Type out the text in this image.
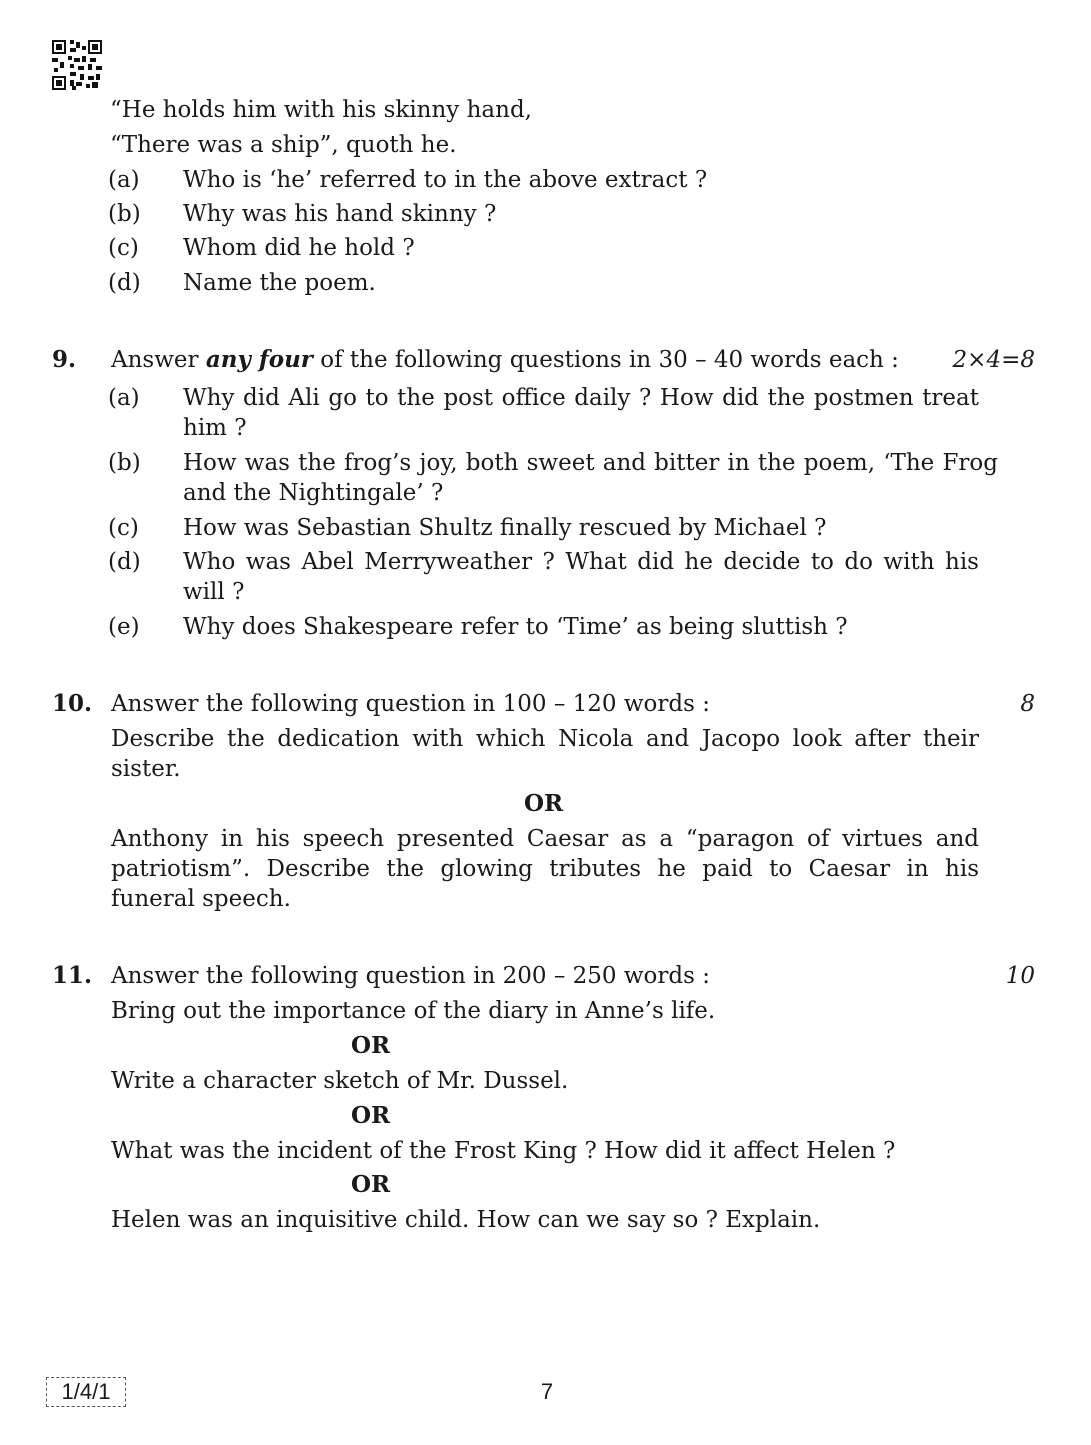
“He holds him with his skinny hand,
“There was a ship”, quoth he.
(a) Who is ‘he’ referred to in the above extract ?
(b) Why was his hand skinny ?
(c) Whom did he hold ?
(d) Name the poem.
9. Answer any four of the following questions in 30 – 40 words each :	2×4=8
(a) Why did Ali go to the post office daily ? How did the postmen treat him ?
(b) How was the frog’s joy, both sweet and bitter in the poem, ‘The Frog and the Nightingale’ ?
(c) How was Sebastian Shultz finally rescued by Michael ?
(d) Who was Abel Merryweather ? What did he decide to do with his will ?
(e) Why does Shakespeare refer to ‘Time’ as being sluttish ?
10. Answer the following question in 100 – 120 words :	8
Describe the dedication with which Nicola and Jacopo look after their sister.
OR
Anthony in his speech presented Caesar as a “paragon of virtues and patriotism”. Describe the glowing tributes he paid to Caesar in his funeral speech.
11. Answer the following question in 200 – 250 words :	10
Bring out the importance of the diary in Anne’s life.
OR
Write a character sketch of Mr. Dussel.
OR
What was the incident of the Frost King ? How did it affect Helen ?
OR
Helen was an inquisitive child. How can we say so ? Explain.
1/4/1	7
